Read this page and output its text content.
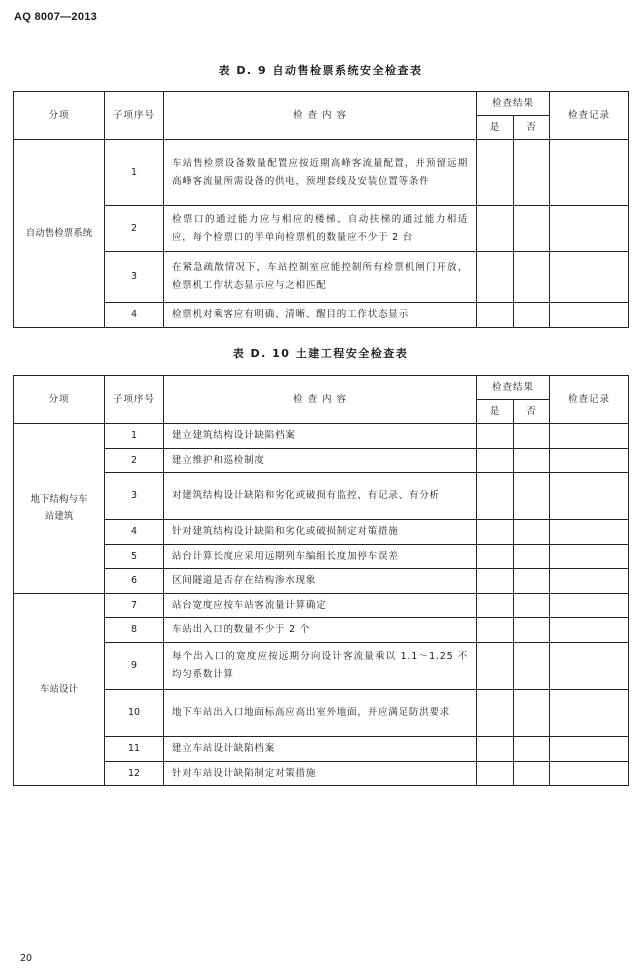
AQ 8007—2013
表 D. 9 自动售检票系统安全检查表
分项	子项序号	检 查 内 容	检查结果		检查记录
			是	否	
自动售检票系统	1	车站售检票设备数量配置应按近期高峰客流量配置，并预留远期高峰客流量所需设备的供电，预埋套线及安装位置等条件			
	2	检票口的通过能力应与相应的楼梯、自动扶梯的通过能力相适应，每个检票口的半单向检票机的数量应不少于 2 台			
	3	在紧急疏散情况下，车站控制室应能控制所有检票机闸门开放，检票机工作状态显示应与之相匹配			
	4	检票机对乘客应有明确、清晰、醒目的工作状态显示			
表 D. 10 土建工程安全检查表
分项	子项序号	检 查 内 容	检查结果		检查记录
			是	否	
地下结构与车站建筑	1	建立建筑结构设计缺陷档案			
	2	建立维护和巡检制度			
	3	对建筑结构设计缺陷和劣化或破损有监控、有记录、有分析			
	4	针对建筑结构设计缺陷和劣化或破损制定对策措施			
	5	站台计算长度应采用远期列车编组长度加停车误差			
	6	区间隧道是否存在结构渗水现象			
车站设计	7	站台宽度应按车站客流量计算确定			
	8	车站出入口的数量不少于 2 个			
	9	每个出入口的宽度应按远期分向设计客流量乘以 1.1～1.25 不均匀系数计算			
	10	地下车站出入口地面标高应高出室外地面，并应满足防洪要求			
	11	建立车站设计缺陷档案			
	12	针对车站设计缺陷制定对策措施			
20
